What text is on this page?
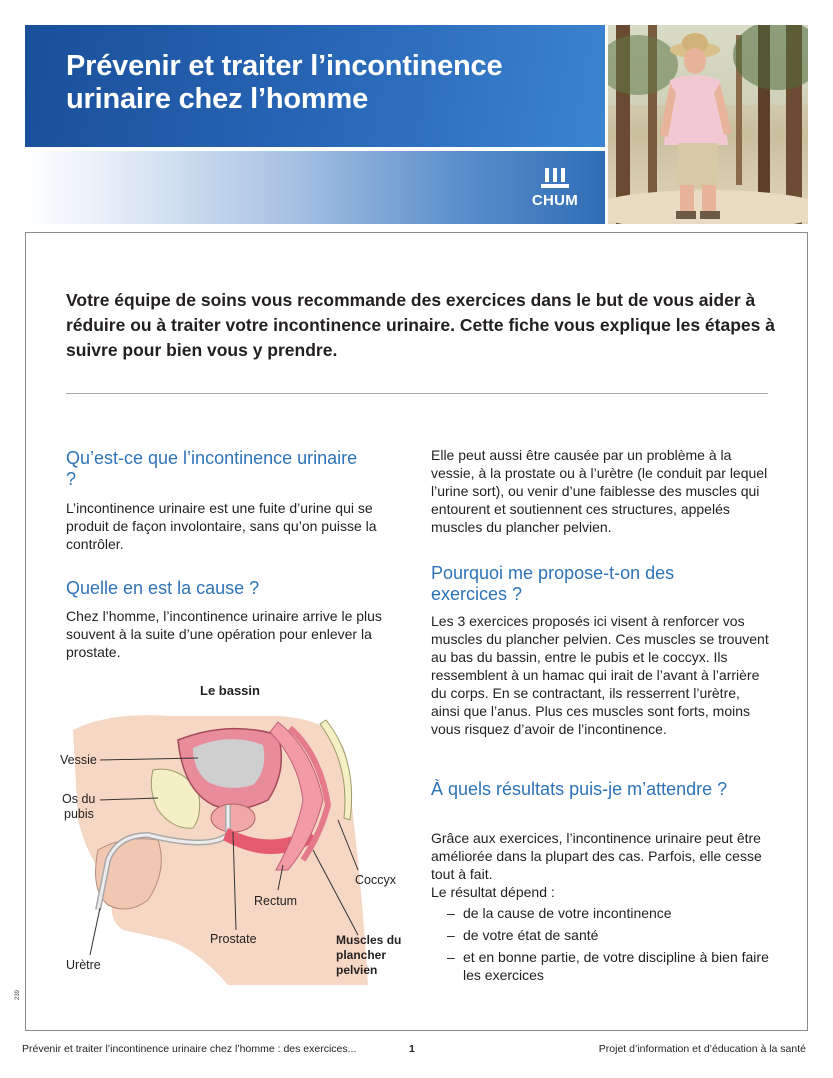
Prévenir et traiter l’incontinence urinaire chez l’homme
CHUM

Votre équipe de soins vous recommande des exercices dans le but de vous aider à réduire ou à traiter votre incontinence urinaire. Cette fiche vous explique les étapes à suivre pour bien vous y prendre.

Qu’est-ce que l’incontinence urinaire ?

L’incontinence urinaire est une fuite d’urine qui se produit de façon involontaire, sans qu’on puisse la contrôler.

Quelle en est la cause ?

Chez l’homme, l’incontinence urinaire arrive le plus souvent à la suite d’une opération pour enlever la prostate.

Le bassin
Vessie
Os du
pubis
Coccyx
Rectum
Prostate
Urètre
Muscles du
plancher
pelvien

Elle peut aussi être causée par un problème à la vessie, à la prostate ou à l’urètre (le conduit par lequel l’urine sort), ou venir d’une faiblesse des muscles qui entourent et soutiennent ces structures, appelés muscles du plancher pelvien.

Pourquoi me propose-t-on des exercices ?

Les 3 exercices proposés ici visent à renforcer vos muscles du plancher pelvien. Ces muscles se trouvent au bas du bassin, entre le pubis et le coccyx. Ils ressemblent à un hamac qui irait de l’avant à l’arrière du corps. En se contractant, ils resserrent l’urètre, ainsi que l’anus. Plus ces muscles sont forts, moins vous risquez d’avoir de l’incontinence.

À quels résultats puis-je m’attendre ?

Grâce aux exercices, l’incontinence urinaire peut être améliorée dans la plupart des cas. Parfois, elle cesse tout à fait.

Le résultat dépend :

– de la cause de votre incontinence
– de votre état de santé
– et en bonne partie, de votre discipline à bien faire les exercices
239
Prévenir et traiter l’incontinence urinaire chez l’homme : des exercices...	1	Projet d’information et d’éducation à la santé
